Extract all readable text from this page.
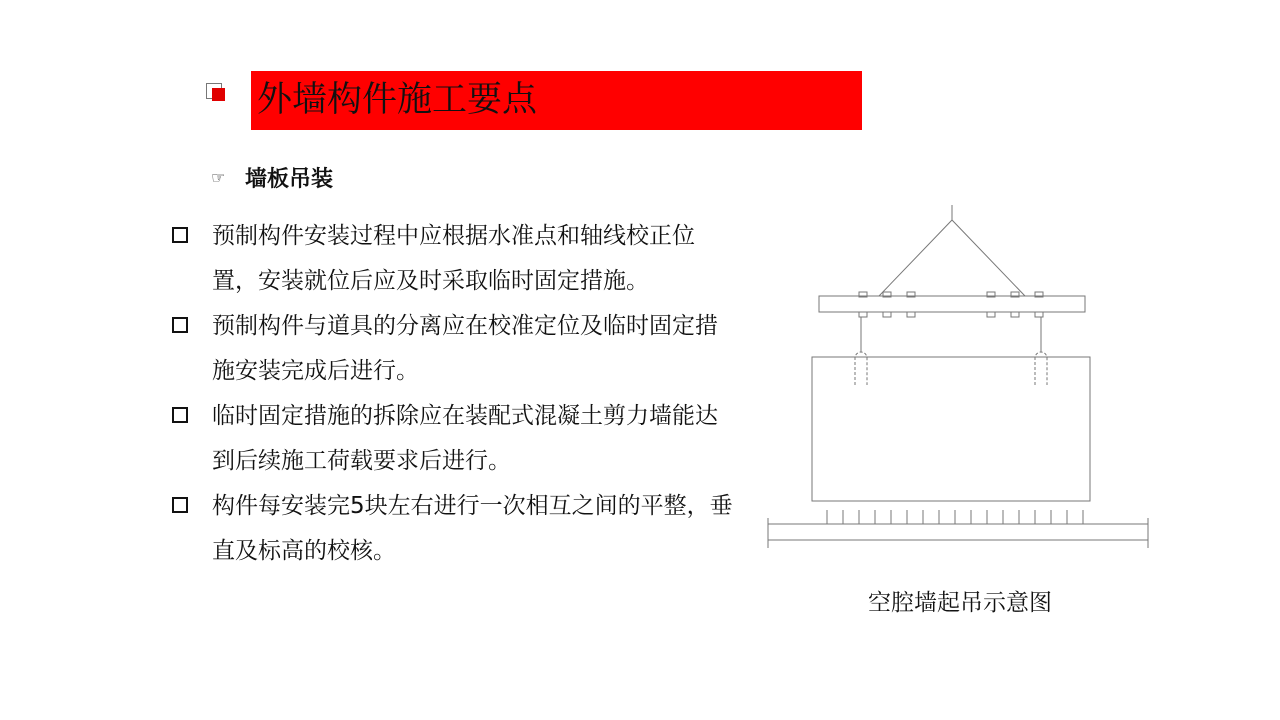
外墙构件施工要点
☞ 墙板吊装
预制构件安装过程中应根据水准点和轴线校正位置，安装就位后应及时采取临时固定措施。
预制构件与道具的分离应在校准定位及临时固定措施安装完成后进行。
临时固定措施的拆除应在装配式混凝土剪力墙能达到后续施工荷载要求后进行。
构件每安装完5块左右进行一次相互之间的平整，垂直及标高的校核。
空腔墙起吊示意图
